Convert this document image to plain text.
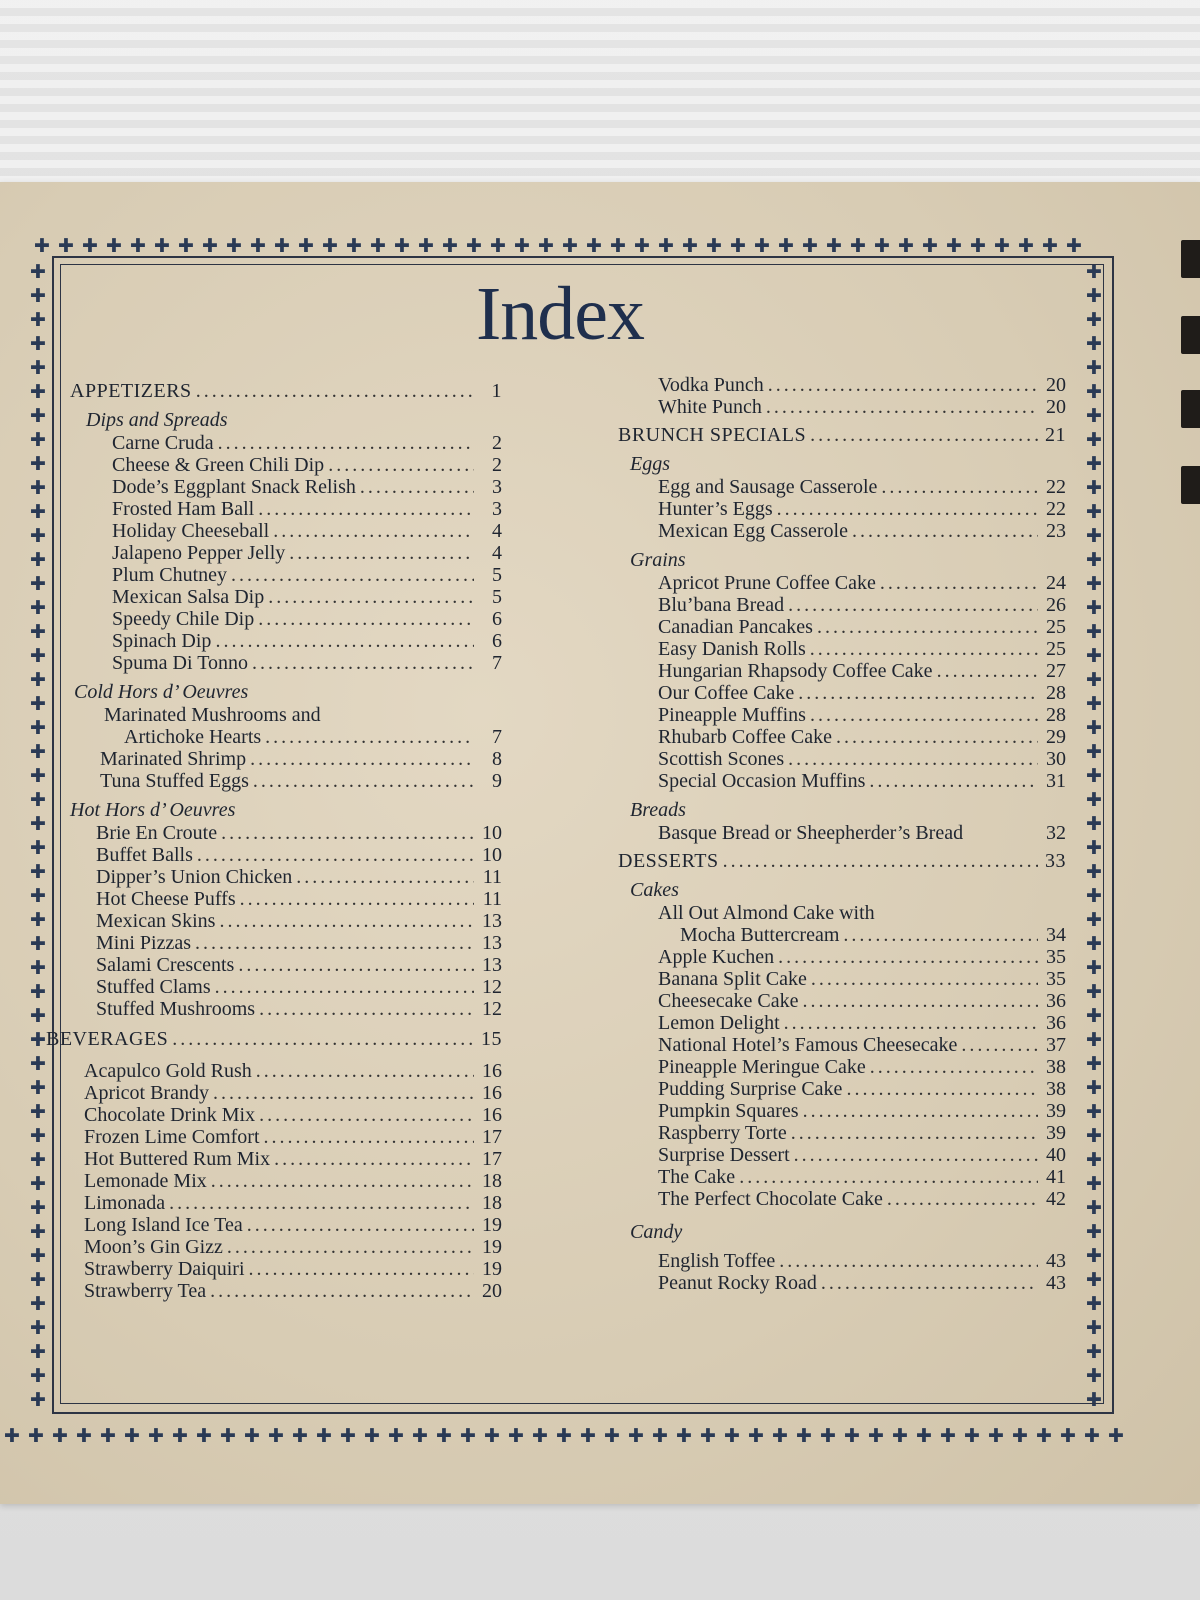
✚ ✚ ✚ ✚ ✚ ✚ ✚ ✚ ✚ ✚ ✚ ✚ ✚ ✚ ✚ ✚ ✚ ✚ ✚ ✚ ✚ ✚ ✚ ✚ ✚ ✚ ✚ ✚ ✚ ✚ ✚ ✚ ✚ ✚ ✚ ✚ ✚ ✚ ✚ ✚ ✚ ✚ ✚ ✚
✚ ✚ ✚ ✚ ✚ ✚ ✚ ✚ ✚ ✚ ✚ ✚ ✚ ✚ ✚ ✚ ✚ ✚ ✚ ✚ ✚ ✚ ✚ ✚ ✚ ✚ ✚ ✚ ✚ ✚ ✚ ✚ ✚ ✚ ✚ ✚ ✚ ✚ ✚ ✚ ✚ ✚ ✚ ✚ ✚ ✚ ✚
✚
✚
✚
✚
✚
✚
✚
✚
✚
✚
✚
✚
✚
✚
✚
✚
✚
✚
✚
✚
✚
✚
✚
✚
✚
✚
✚
✚
✚
✚
✚
✚
✚
✚
✚
✚
✚
✚
✚
✚
✚
✚
✚
✚
✚
✚
✚
✚
✚
✚
✚
✚
✚
✚
✚
✚
✚
✚
✚
✚
✚
✚
✚
✚
✚
✚
✚
✚
✚
✚
✚
✚
✚
✚
✚
✚
✚
✚
✚
✚
✚
✚
✚
✚
✚
✚
✚
✚
✚
✚
✚
✚
✚
✚
✚
✚
Index
APPETIZERS .....	1
Dips and Spreads
Carne Cruda .....	2
Cheese & Green Chili Dip .....	2
Dode’s Eggplant Snack Relish .....	3
Frosted Ham Ball .....	3
Holiday Cheeseball .....	4
Jalapeno Pepper Jelly .....	4
Plum Chutney .....	5
Mexican Salsa Dip .....	5
Speedy Chile Dip .....	6
Spinach Dip .....	6
Spuma Di Tonno .....	7
Cold Hors d’ Oeuvres
Marinated Mushrooms and
Artichoke Hearts .....	7
Marinated Shrimp .....	8
Tuna Stuffed Eggs .....	9
Hot Hors d’ Oeuvres
Brie En Croute .....	10
Buffet Balls .....	10
Dipper’s Union Chicken .....	11
Hot Cheese Puffs .....	11
Mexican Skins .....	13
Mini Pizzas .....	13
Salami Crescents .....	13
Stuffed Clams .....	12
Stuffed Mushrooms .....	12
BEVERAGES .....	15
Acapulco Gold Rush .....	16
Apricot Brandy .....	16
Chocolate Drink Mix .....	16
Frozen Lime Comfort .....	17
Hot Buttered Rum Mix .....	17
Lemonade Mix .....	18
Limonada .....	18
Long Island Ice Tea .....	19
Moon’s Gin Gizz .....	19
Strawberry Daiquiri .....	19
Strawberry Tea .....	20
Vodka Punch .....	20
White Punch .....	20
BRUNCH SPECIALS .....	21
Eggs
Egg and Sausage Casserole .....	22
Hunter’s Eggs .....	22
Mexican Egg Casserole .....	23
Grains
Apricot Prune Coffee Cake .....	24
Blu’bana Bread .....	26
Canadian Pancakes .....	25
Easy Danish Rolls .....	25
Hungarian Rhapsody Coffee Cake .....	27
Our Coffee Cake .....	28
Pineapple Muffins .....	28
Rhubarb Coffee Cake .....	29
Scottish Scones .....	30
Special Occasion Muffins .....	31
Breads
Basque Bread or Sheepherder’s Bread	32
DESSERTS .....	33
Cakes
All Out Almond Cake with
Mocha Buttercream .....	34
Apple Kuchen .....	35
Banana Split Cake .....	35
Cheesecake Cake .....	36
Lemon Delight .....	36
National Hotel’s Famous Cheesecake .....	37
Pineapple Meringue Cake .....	38
Pudding Surprise Cake .....	38
Pumpkin Squares .....	39
Raspberry Torte .....	39
Surprise Dessert .....	40
The Cake .....	41
The Perfect Chocolate Cake .....	42
Candy
English Toffee .....	43
Peanut Rocky Road .....	43
